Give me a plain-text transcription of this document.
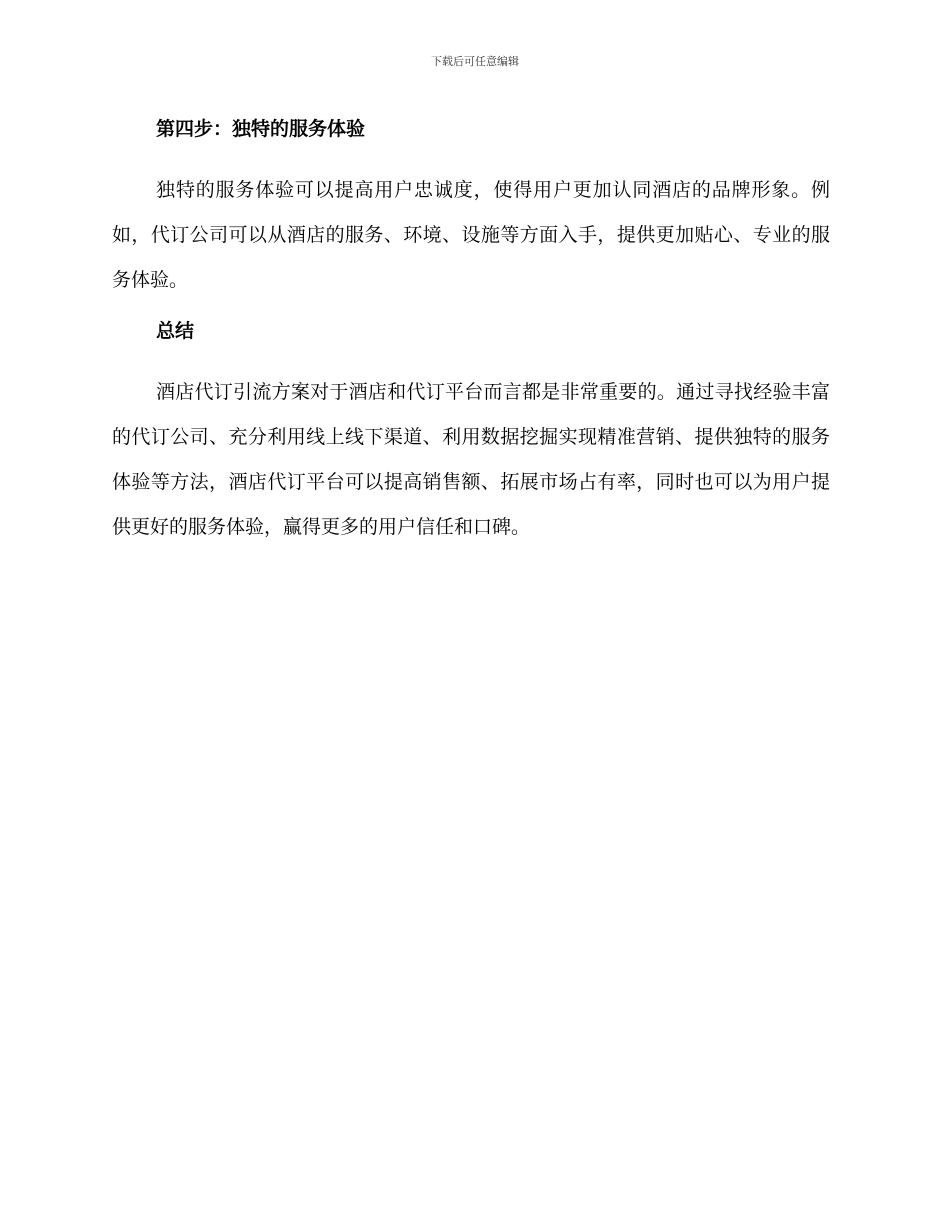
下载后可任意编辑
第四步：独特的服务体验

独特的服务体验可以提高用户忠诚度，使得用户更加认同酒店的品牌形象。例如，代订公司可以从酒店的服务、环境、设施等方面入手，提供更加贴心、专业的服务体验。

总结

酒店代订引流方案对于酒店和代订平台而言都是非常重要的。通过寻找经验丰富的代订公司、充分利用线上线下渠道、利用数据挖掘实现精准营销、提供独特的服务体验等方法，酒店代订平台可以提高销售额、拓展市场占有率，同时也可以为用户提供更好的服务体验，赢得更多的用户信任和口碑。
